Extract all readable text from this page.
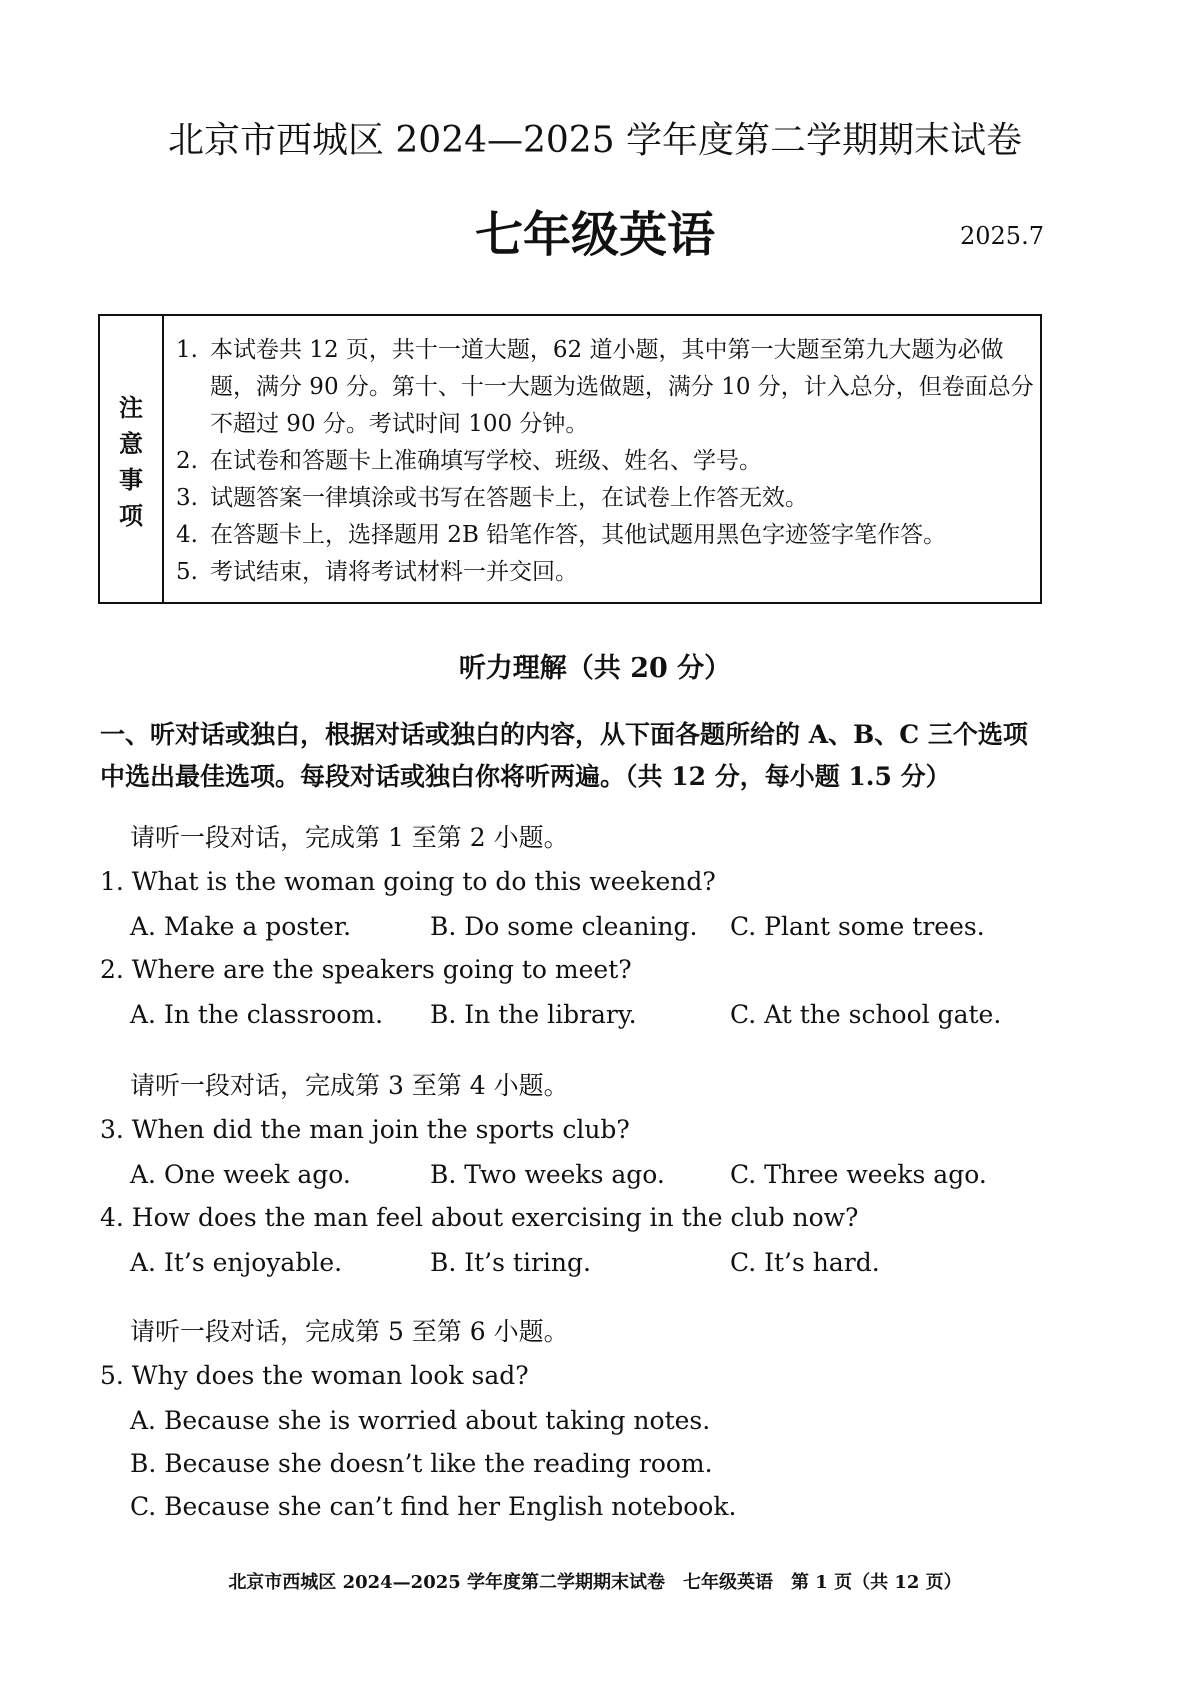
北京市西城区 2024—2025 学年度第二学期期末试卷
七年级英语	2025.7
注
意
事
项
1. 本试卷共 12 页，共十一道大题，62 道小题，其中第一大题至第九大题为必做题，满分 90 分。第十、十一大题为选做题，满分 10 分，计入总分，但卷面总分不超过 90 分。考试时间 100 分钟。
2. 在试卷和答题卡上准确填写学校、班级、姓名、学号。
3. 试题答案一律填涂或书写在答题卡上，在试卷上作答无效。
4. 在答题卡上，选择题用 2B 铅笔作答，其他试题用黑色字迹签字笔作答。
5. 考试结束，请将考试材料一并交回。
听力理解（共 20 分）
一、听对话或独白，根据对话或独白的内容，从下面各题所给的 A、B、C 三个选项中选出最佳选项。每段对话或独白你将听两遍。（共 12 分，每小题 1.5 分）
请听一段对话，完成第 1 至第 2 小题。
1. What is the woman going to do this weekend?
A. Make a poster.	B. Do some cleaning.	C. Plant some trees.
2. Where are the speakers going to meet?
A. In the classroom.	B. In the library.	C. At the school gate.
请听一段对话，完成第 3 至第 4 小题。
3. When did the man join the sports club?
A. One week ago.	B. Two weeks ago.	C. Three weeks ago.
4. How does the man feel about exercising in the club now?
A. It’s enjoyable.	B. It’s tiring.	C. It’s hard.
请听一段对话，完成第 5 至第 6 小题。
5. Why does the woman look sad?
A. Because she is worried about taking notes.
B. Because she doesn’t like the reading room.
C. Because she can’t find her English notebook.
北京市西城区 2024—2025 学年度第二学期期末试卷　七年级英语　第 1 页（共 12 页）
